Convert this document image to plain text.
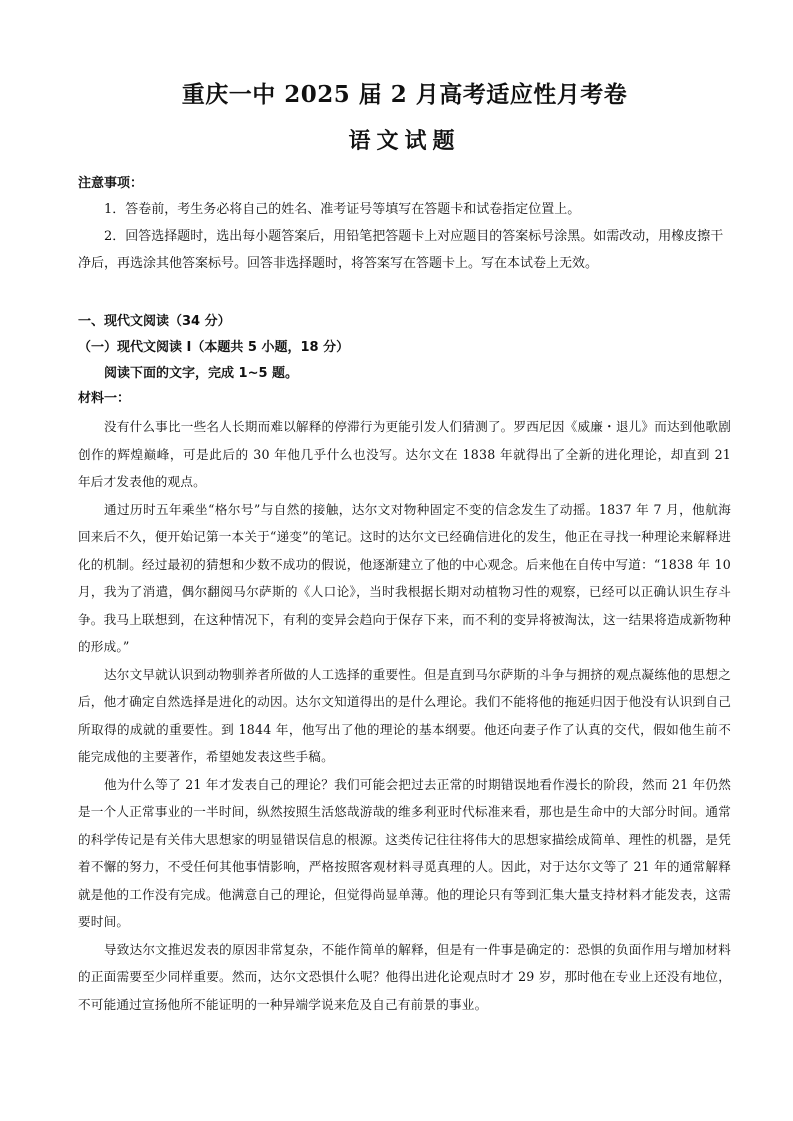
重庆一中 2025 届 2 月高考适应性月考卷
语文试题
注意事项：

1．答卷前，考生务必将自己的姓名、准考证号等填写在答题卡和试卷指定位置上。

2．回答选择题时，选出每小题答案后，用铅笔把答题卡上对应题目的答案标号涂黑。如需改动，用橡皮擦干净后，再选涂其他答案标号。回答非选择题时，将答案写在答题卡上。写在本试卷上无效。

一、现代文阅读（34 分）
（一）现代文阅读 I（本题共 5 小题，18 分）
阅读下面的文字，完成 1~5 题。
材料一：

没有什么事比一些名人长期而难以解释的停滞行为更能引发人们猜测了。罗西尼因《威廉・退儿》而达到他歌剧创作的辉煌巅峰，可是此后的 30 年他几乎什么也没写。达尔文在 1838 年就得出了全新的进化理论，却直到 21 年后才发表他的观点。

通过历时五年乘坐“格尔号”与自然的接触，达尔文对物种固定不变的信念发生了动摇。1837 年 7 月，他航海回来后不久，便开始记第一本关于“递变”的笔记。这时的达尔文已经确信进化的发生，他正在寻找一种理论来解释进化的机制。经过最初的猜想和少数不成功的假说，他逐渐建立了他的中心观念。后来他在自传中写道：“1838 年 10 月，我为了消遣，偶尔翻阅马尔萨斯的《人口论》，当时我根据长期对动植物习性的观察，已经可以正确认识生存斗争。我马上联想到，在这种情况下，有利的变异会趋向于保存下来，而不利的变异将被淘汰，这一结果将造成新物种的形成。”

达尔文早就认识到动物驯养者所做的人工选择的重要性。但是直到马尔萨斯的斗争与拥挤的观点凝练他的思想之后，他才确定自然选择是进化的动因。达尔文知道得出的是什么理论。我们不能将他的拖延归因于他没有认识到自己所取得的成就的重要性。到 1844 年，他写出了他的理论的基本纲要。他还向妻子作了认真的交代，假如他生前不能完成他的主要著作，希望她发表这些手稿。

他为什么等了 21 年才发表自己的理论？我们可能会把过去正常的时期错误地看作漫长的阶段，然而 21 年仍然是一个人正常事业的一半时间，纵然按照生活悠哉游哉的维多利亚时代标准来看，那也是生命中的大部分时间。通常的科学传记是有关伟大思想家的明显错误信息的根源。这类传记往往将伟大的思想家描绘成简单、理性的机器，是凭着不懈的努力，不受任何其他事情影响，严格按照客观材料寻觅真理的人。因此，对于达尔文等了 21 年的通常解释就是他的工作没有完成。他满意自己的理论，但觉得尚显单薄。他的理论只有等到汇集大量支持材料才能发表，这需要时间。

导致达尔文推迟发表的原因非常复杂，不能作简单的解释，但是有一件事是确定的：恐惧的负面作用与增加材料的正面需要至少同样重要。然而，达尔文恐惧什么呢？他得出进化论观点时才 29 岁，那时他在专业上还没有地位，不可能通过宣扬他所不能证明的一种异端学说来危及自己有前景的事业。
